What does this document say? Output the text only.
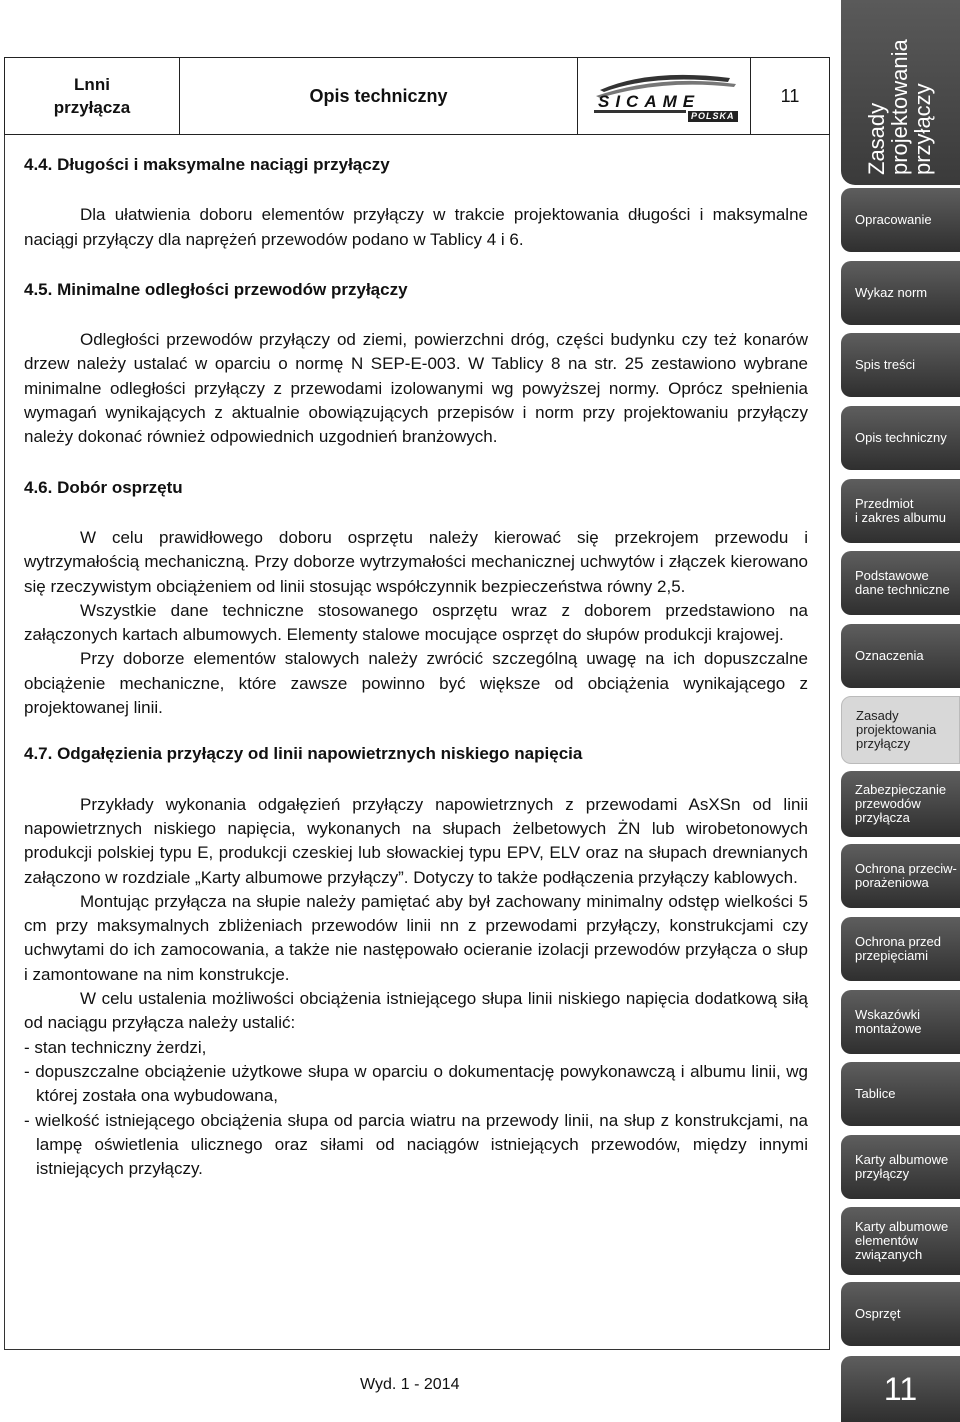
Lnni
przyłącza
Opis techniczny	SICAME
POLSKA
11
4.4. Długości i maksymalne naciągi przyłączy

Dla ułatwienia doboru elementów przyłączy w trakcie projektowania długości i maksymalne naciągi przyłączy dla naprężeń przewodów podano w Tablicy 4 i 6.

4.5. Minimalne odległości przewodów przyłączy

Odległości przewodów przyłączy od ziemi, powierzchni dróg, części budynku czy też konarów drzew należy ustalać w oparciu o normę N SEP-E-003. W Tablicy 8 na str. 25 zestawiono wybrane minimalne odległości przyłączy z przewodami izolowanymi wg powyższej normy. Oprócz spełnienia wymagań wynikających z aktualnie obowiązujących przepisów i norm przy projektowaniu przyłączy należy dokonać również odpowiednich uzgodnień branżowych.

4.6. Dobór osprzętu

W celu prawidłowego doboru osprzętu należy kierować się przekrojem przewodu i wytrzymałością mechaniczną. Przy doborze wytrzymałości mechanicznej uchwytów i złączek kierowano się rzeczywistym obciążeniem od linii stosując współczynnik bezpieczeństwa równy 2,5.

Wszystkie dane techniczne stosowanego osprzętu wraz z doborem przedstawiono na załączonych kartach albumowych. Elementy stalowe mocujące osprzęt do słupów produkcji krajowej.

Przy doborze elementów stalowych należy zwrócić szczególną uwagę na ich dopuszczalne obciążenie mechaniczne, które zawsze powinno być większe od obciążenia wynikającego z projektowanej linii.

4.7. Odgałęzienia przyłączy od linii napowietrznych niskiego napięcia

Przykłady wykonania odgałęzień przyłączy napowietrznych z przewodami AsXSn od linii napowietrznych niskiego napięcia, wykonanych na słupach żelbetowych ŻN lub wirobetonowych produkcji polskiej typu E, produkcji czeskiej lub słowackiej typu EPV, ELV oraz na słupach drewnianych załączono w rozdziale „Karty albumowe przyłączy”. Dotyczy to także podłączenia przyłączy kablowych.

Montując przyłącza na słupie należy pamiętać aby był zachowany minimalny odstęp wielkości 5 cm przy maksymalnych zbliżeniach przewodów linii nn z przewodami przyłączy, konstrukcjami czy uchwytami do ich zamocowania, a także nie następowało ocieranie izolacji przewodów przyłącza o słup i zamontowane na nim konstrukcje.

W celu ustalenia możliwości obciążenia istniejącego słupa linii niskiego napięcia dodatkową siłą od naciągu przyłącza należy ustalić:

- stan techniczny żerdzi,

- dopuszczalne obciążenie użytkowe słupa w oparciu o dokumentację powykonawczą i albumu linii, wg której została ona wybudowana,

- wielkość istniejącego obciążenia słupa od parcia wiatru na przewody linii, na słup z konstrukcjami, na lampę oświetlenia ulicznego oraz siłami od naciągów istniejących przewodów, między innymi istniejących przyłączy.

Wyd. 1 - 2014
Zasady
projektowania
przyłączy
Opracowanie
Wykaz norm
Spis treści
Opis techniczny
Przedmiot
i zakres albumu
Podstawowe
dane techniczne
Oznaczenia
Zasady
projektowania
przyłączy
Zabezpieczanie
przewodów
przyłącza
Ochrona przeciw-
porażeniowa
Ochrona przed
przepięciami
Wskazówki
montażowe
Tablice
Karty albumowe
przyłączy
Karty albumowe
elementów
związanych
Osprzęt
11
